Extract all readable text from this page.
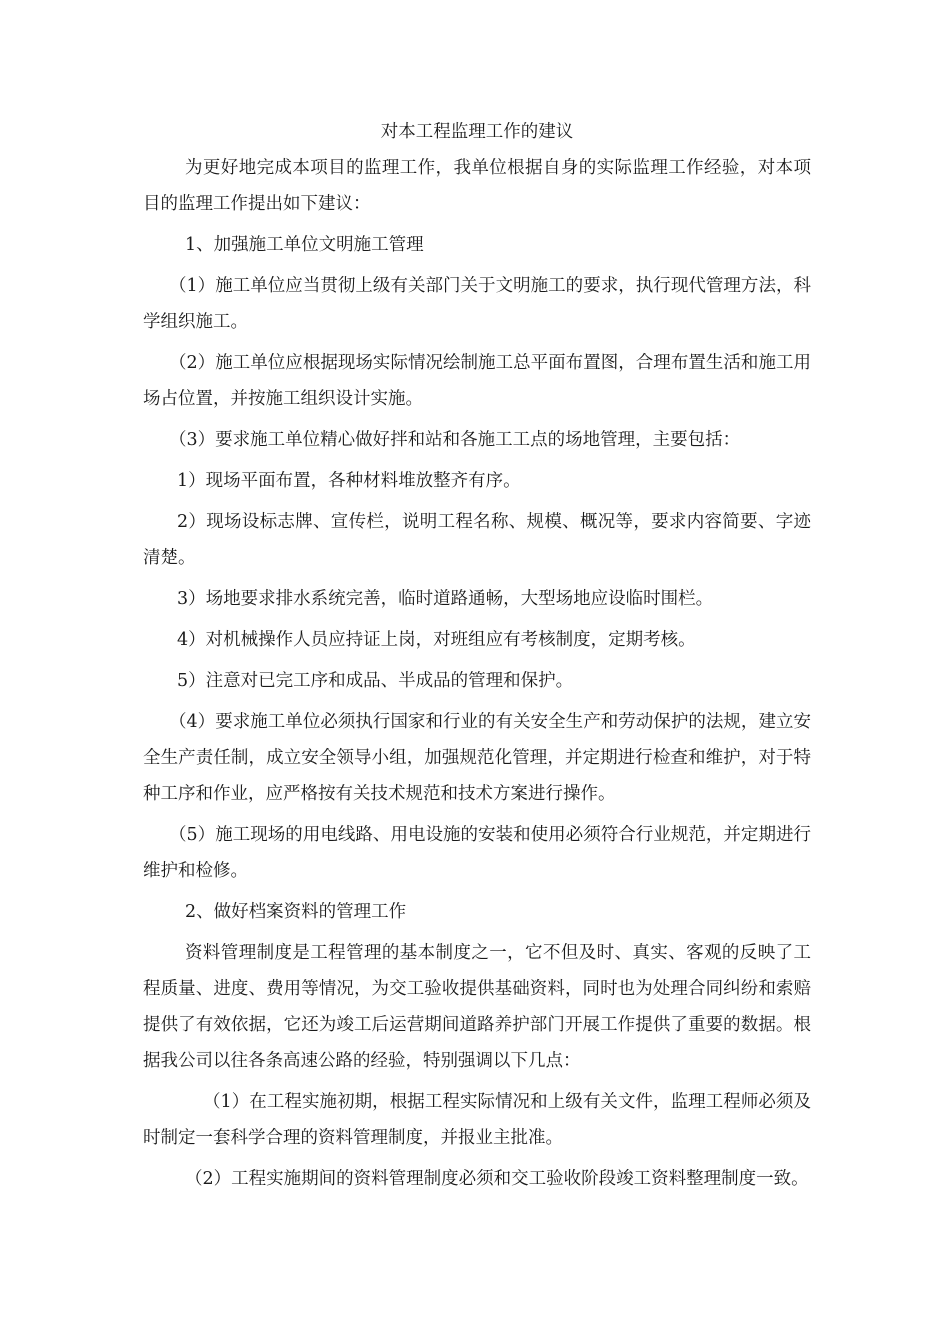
对本工程监理工作的建议

为更好地完成本项目的监理工作，我单位根据自身的实际监理工作经验，对本项目的监理工作提出如下建议：

1、加强施工单位文明施工管理

（1）施工单位应当贯彻上级有关部门关于文明施工的要求，执行现代管理方法，科学组织施工。

（2）施工单位应根据现场实际情况绘制施工总平面布置图，合理布置生活和施工用场占位置，并按施工组织设计实施。

（3）要求施工单位精心做好拌和站和各施工工点的场地管理，主要包括：

1）现场平面布置，各种材料堆放整齐有序。

2）现场设标志牌、宣传栏，说明工程名称、规模、概况等，要求内容简要、字迹清楚。

3）场地要求排水系统完善，临时道路通畅，大型场地应设临时围栏。

4）对机械操作人员应持证上岗，对班组应有考核制度，定期考核。

5）注意对已完工序和成品、半成品的管理和保护。

（4）要求施工单位必须执行国家和行业的有关安全生产和劳动保护的法规，建立安全生产责任制，成立安全领导小组，加强规范化管理，并定期进行检查和维护，对于特种工序和作业，应严格按有关技术规范和技术方案进行操作。

（5）施工现场的用电线路、用电设施的安装和使用必须符合行业规范，并定期进行维护和检修。

2、做好档案资料的管理工作

资料管理制度是工程管理的基本制度之一，它不但及时、真实、客观的反映了工程质量、进度、费用等情况，为交工验收提供基础资料，同时也为处理合同纠纷和索赔提供了有效依据，它还为竣工后运营期间道路养护部门开展工作提供了重要的数据。根据我公司以往各条高速公路的经验，特别强调以下几点：

（1）在工程实施初期，根据工程实际情况和上级有关文件，监理工程师必须及时制定一套科学合理的资料管理制度，并报业主批准。

（2）工程实施期间的资料管理制度必须和交工验收阶段竣工资料整理制度一致。
